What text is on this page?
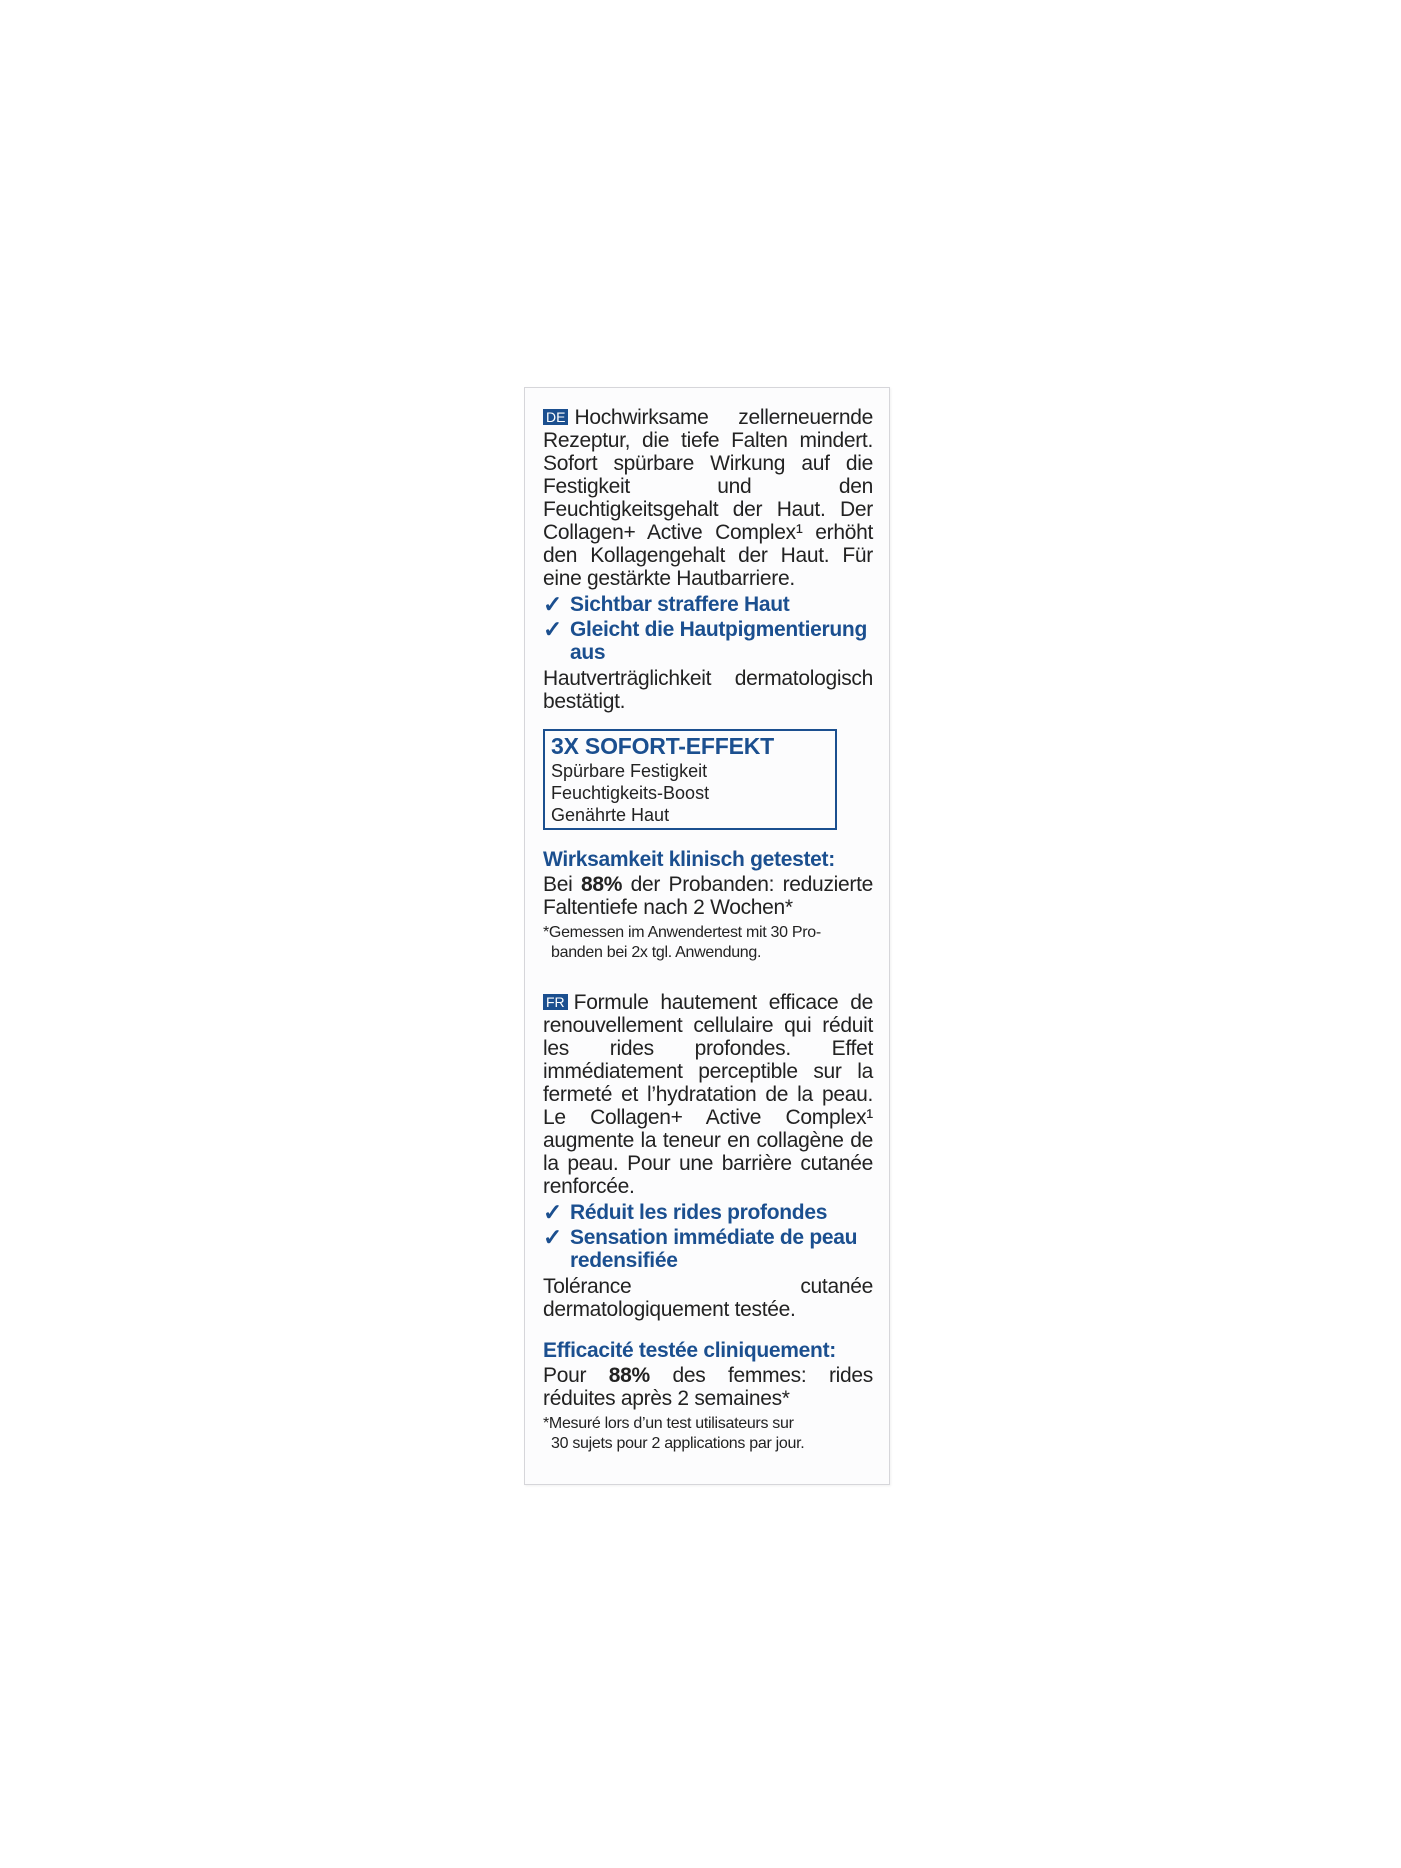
DE Hochwirksame zellerneuernde Rezeptur, die tiefe Falten mindert. Sofort spürbare Wirkung auf die Festigkeit und den Feuchtigkeitsgehalt der Haut. Der Collagen+ Active Complex¹ erhöht den Kollagengehalt der Haut. Für eine gestärkte Hautbarriere.

✓ Sichtbar straffere Haut
✓ Gleicht die Hautpigmentierung aus

Hautverträglichkeit dermatologisch bestätigt.

3X SOFORT-EFFEKT
Spürbare Festigkeit
Feuchtigkeits-Boost
Genährte Haut
Wirksamkeit klinisch getestet:

Bei 88% der Probanden: reduzierte Faltentiefe nach 2 Wochen*

*Gemessen im Anwendertest mit 30 Pro-
banden bei 2x tgl. Anwendung.

FR Formule hautement efficace de renouvellement cellulaire qui réduit les rides profondes. Effet immédiatement perceptible sur la fermeté et l’hydratation de la peau. Le Collagen+ Active Complex¹ augmente la teneur en collagène de la peau. Pour une barrière cutanée renforcée.

✓ Réduit les rides profondes
✓ Sensation immédiate de peau redensifiée

Tolérance cutanée dermatologiquement testée.

Efficacité testée cliniquement:

Pour 88% des femmes: rides réduites après 2 semaines*

*Mesuré lors d’un test utilisateurs sur
30 sujets pour 2 applications par jour.
